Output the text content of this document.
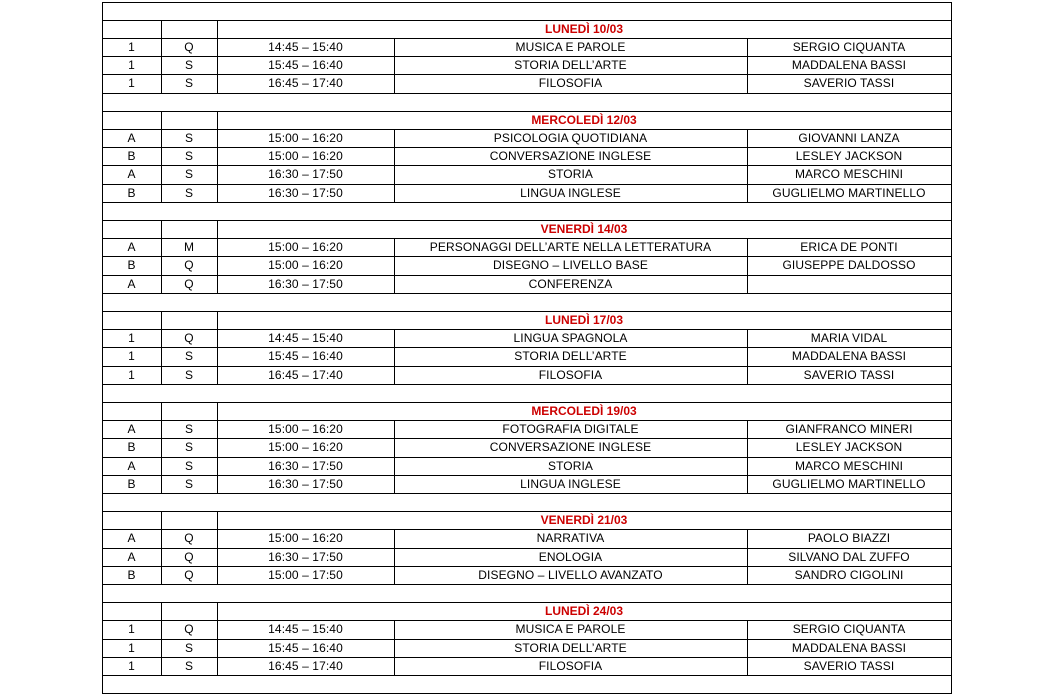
LUNEDÌ 10/03
1	Q	14:45 – 15:40	MUSICA E PAROLE	SERGIO CIQUANTA
1	S	15:45 – 16:40	STORIA DELL’ARTE	MADDALENA BASSI
1	S	16:45 – 17:40	FILOSOFIA	SAVERIO TASSI
MERCOLEDÌ 12/03
A	S	15:00 – 16:20	PSICOLOGIA QUOTIDIANA	GIOVANNI LANZA
B	S	15:00 – 16:20	CONVERSAZIONE INGLESE	LESLEY JACKSON
A	S	16:30 – 17:50	STORIA	MARCO MESCHINI
B	S	16:30 – 17:50	LINGUA INGLESE	GUGLIELMO MARTINELLO
VENERDÌ 14/03
A	M	15:00 – 16:20	PERSONAGGI DELL’ARTE NELLA LETTERATURA	ERICA DE PONTI
B	Q	15:00 – 16:20	DISEGNO – LIVELLO BASE	GIUSEPPE DALDOSSO
A	Q	16:30 – 17:50	CONFERENZA
LUNEDÌ 17/03
1	Q	14:45 – 15:40	LINGUA SPAGNOLA	MARIA VIDAL
1	S	15:45 – 16:40	STORIA DELL’ARTE	MADDALENA BASSI
1	S	16:45 – 17:40	FILOSOFIA	SAVERIO TASSI
MERCOLEDÌ 19/03
A	S	15:00 – 16:20	FOTOGRAFIA DIGITALE	GIANFRANCO MINERI
B	S	15:00 – 16:20	CONVERSAZIONE INGLESE	LESLEY JACKSON
A	S	16:30 – 17:50	STORIA	MARCO MESCHINI
B	S	16:30 – 17:50	LINGUA INGLESE	GUGLIELMO MARTINELLO
VENERDÌ 21/03
A	Q	15:00 – 16:20	NARRATIVA	PAOLO BIAZZI
A	Q	16:30 – 17:50	ENOLOGIA	SILVANO DAL ZUFFO
B	Q	15:00 – 17:50	DISEGNO – LIVELLO AVANZATO	SANDRO CIGOLINI
LUNEDÌ 24/03
1	Q	14:45 – 15:40	MUSICA E PAROLE	SERGIO CIQUANTA
1	S	15:45 – 16:40	STORIA DELL’ARTE	MADDALENA BASSI
1	S	16:45 – 17:40	FILOSOFIA	SAVERIO TASSI
